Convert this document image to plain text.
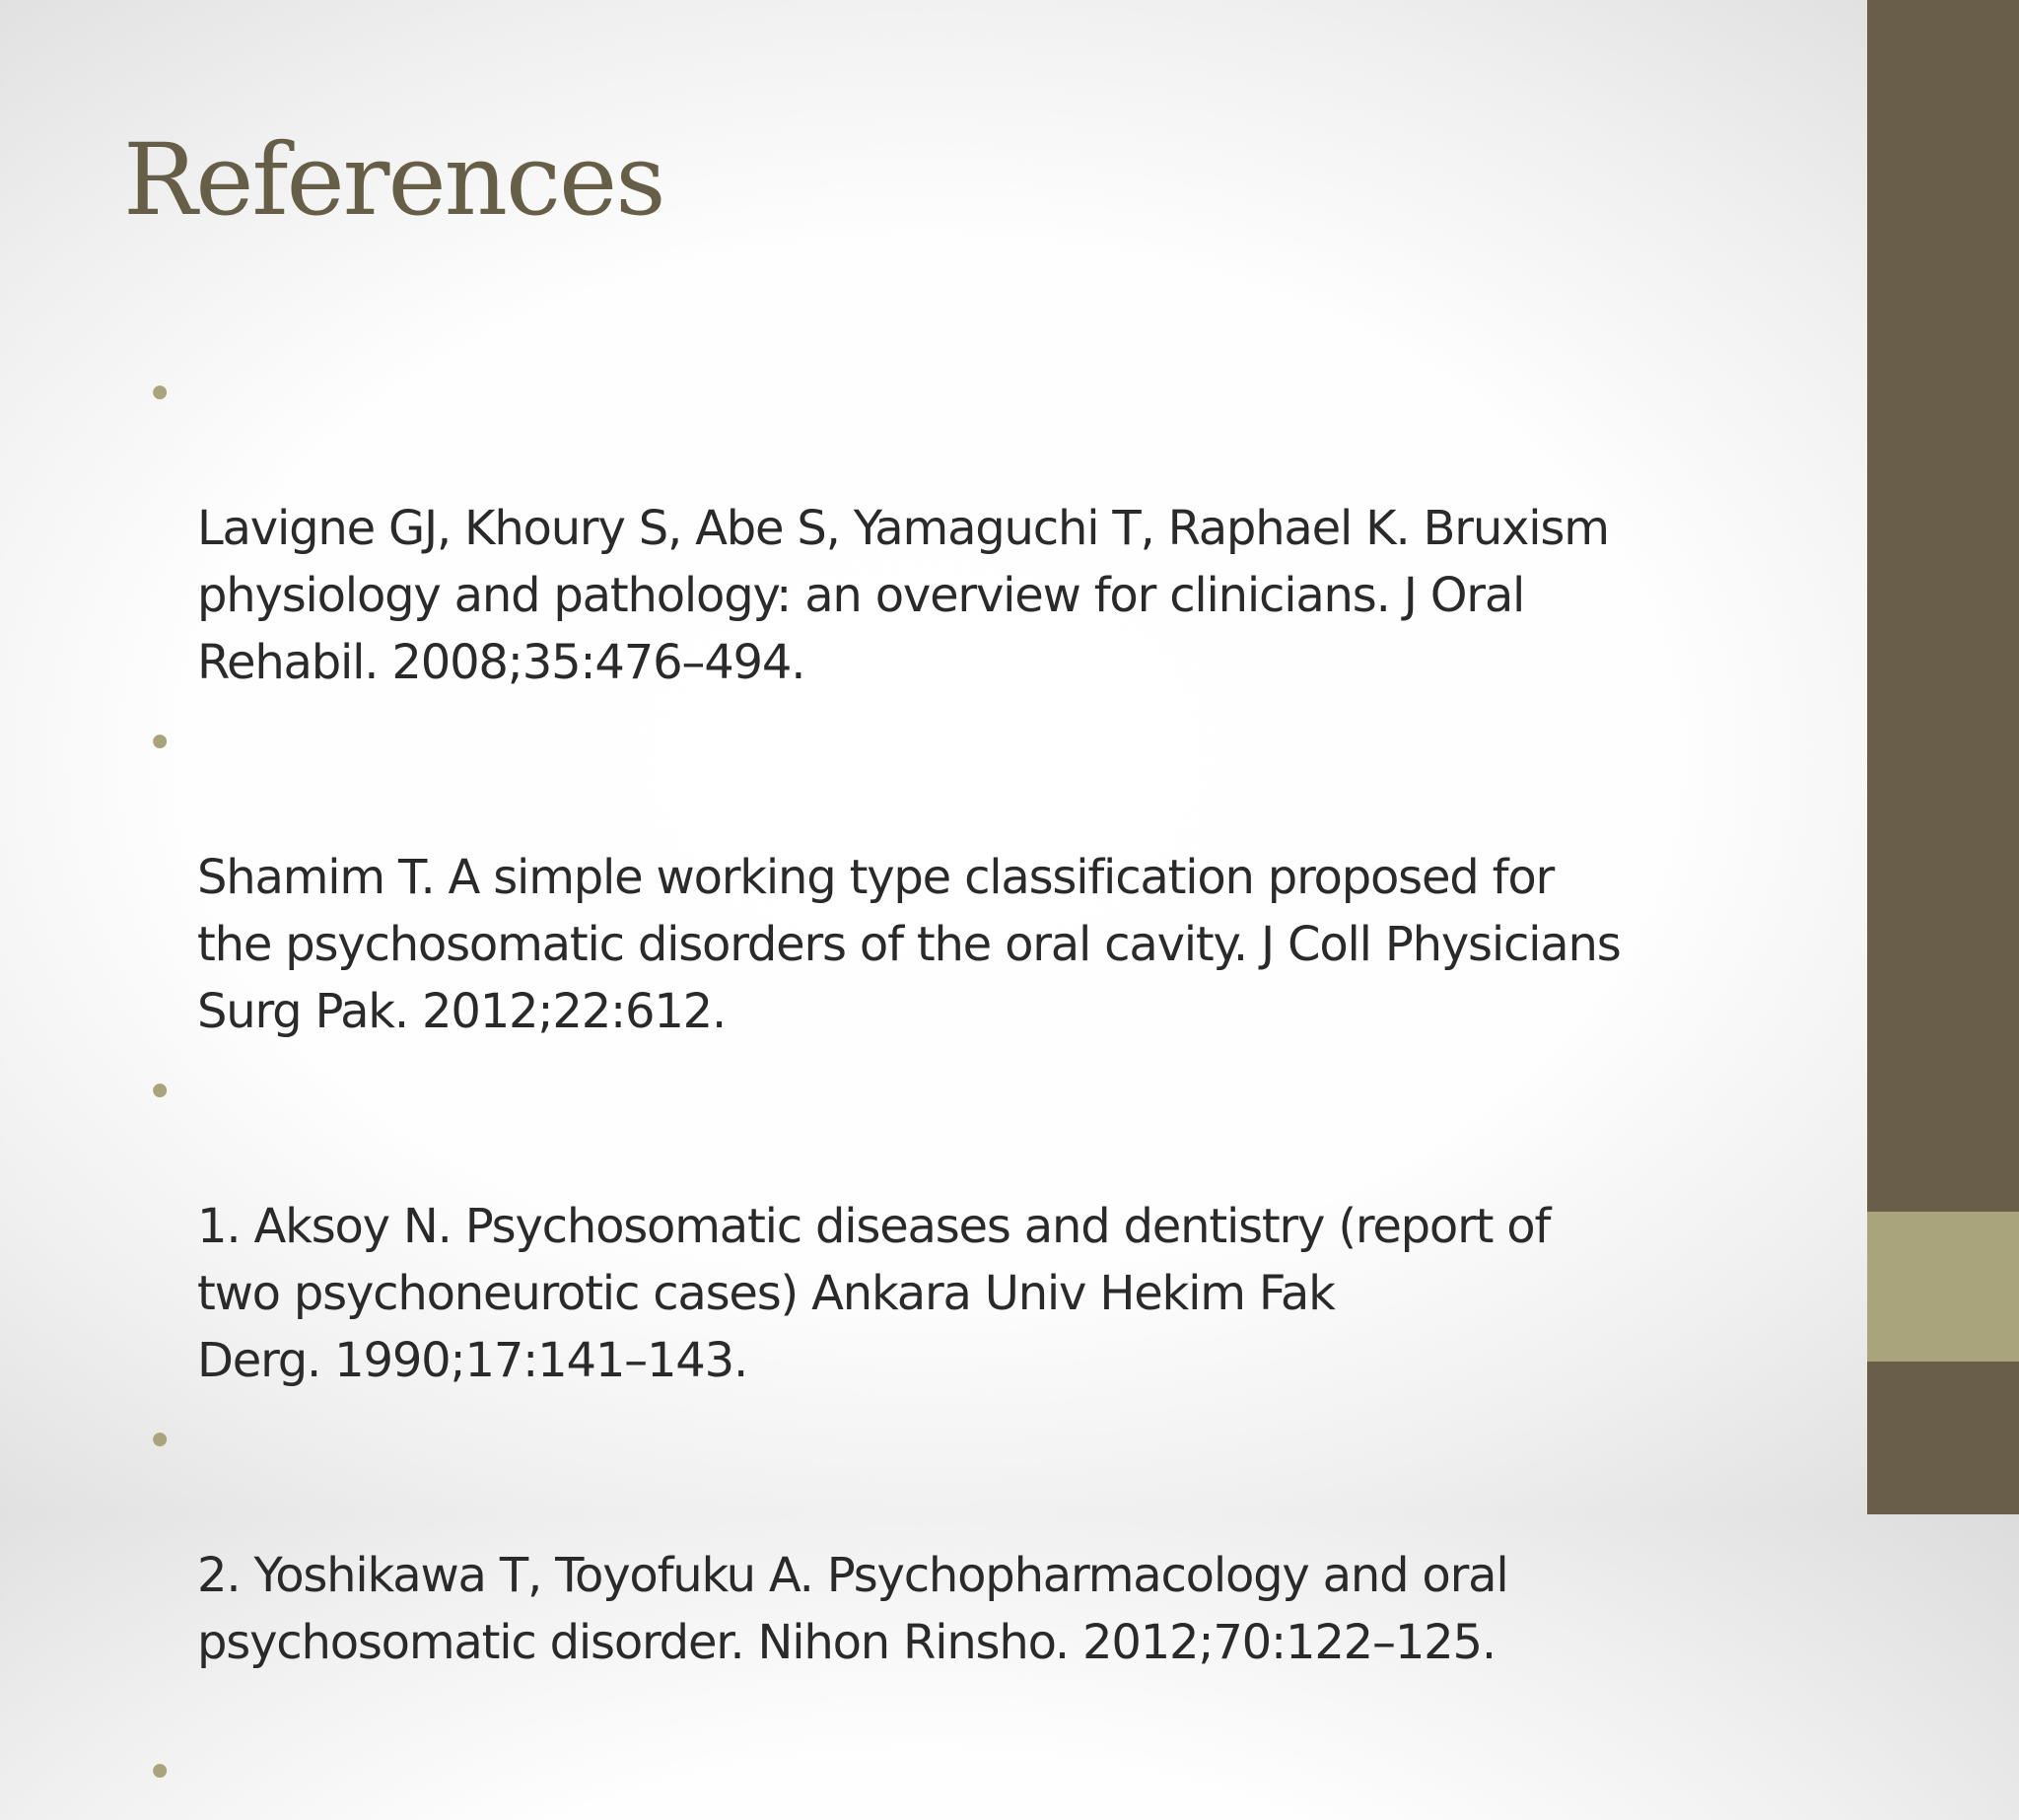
References

•

Lavigne GJ, Khoury S, Abe S, Yamaguchi T, Raphael K. Bruxism
physiology and pathology: an overview for clinicians. J Oral
Rehabil. 2008;35:476–494.

•

Shamim T. A simple working type classification proposed for
the psychosomatic disorders of the oral cavity. J Coll Physicians
Surg Pak. 2012;22:612.

•

1. Aksoy N. Psychosomatic diseases and dentistry (report of
two psychoneurotic cases) Ankara Univ Hekim Fak
Derg. 1990;17:141–143.

•

2. Yoshikawa T, Toyofuku A. Psychopharmacology and oral
psychosomatic disorder. Nihon Rinsho. 2012;70:122–125.

•
